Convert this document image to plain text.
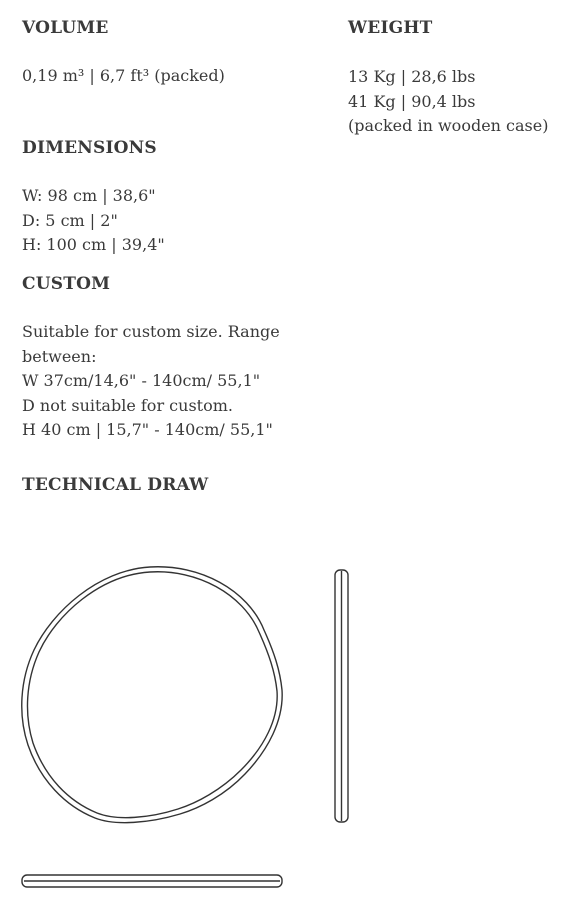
VOLUME
0,19 m³ | 6,7 ft³ (packed)
WEIGHT
13 Kg | 28,6 lbs
41 Kg | 90,4 lbs
(packed in wooden case)
DIMENSIONS
W: 98 cm | 38,6"
D: 5 cm | 2"
H: 100 cm | 39,4"
CUSTOM
Suitable for custom size. Range
between:
W 37cm/14,6" - 140cm/ 55,1"
D not suitable for custom.
H 40 cm | 15,7" - 140cm/ 55,1"
TECHNICAL DRAW
